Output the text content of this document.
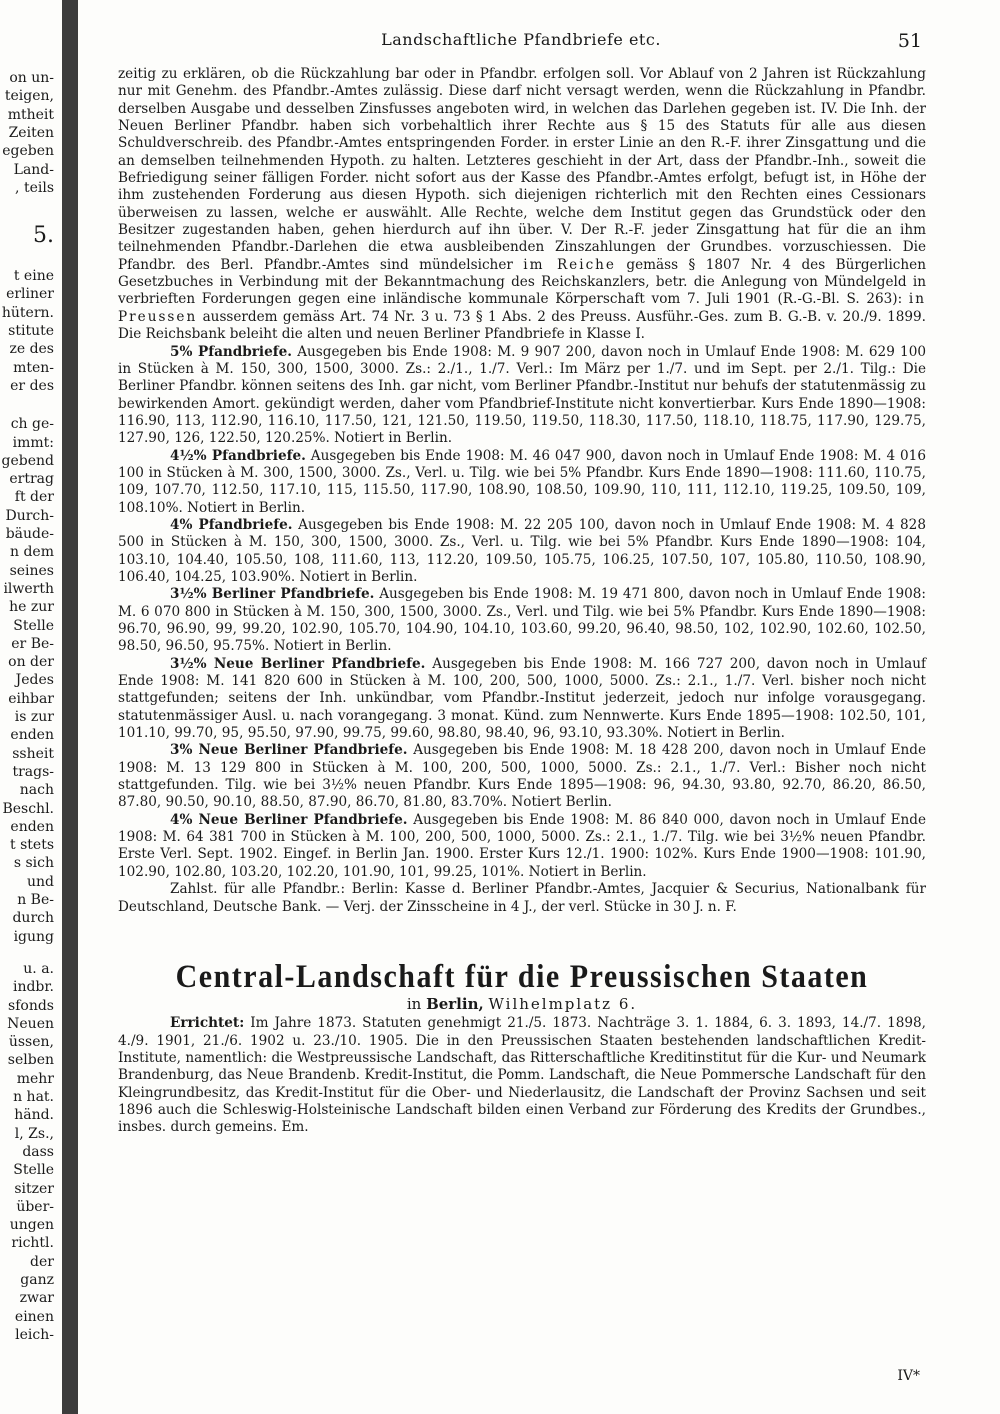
on un-
teigen,
mtheit
Zeiten
egeben
Land-
, teils
5.
t eine
erliner
hütern.
stitute
ze des
mten-
er des
ch ge-
immt:
gebend
ertrag
ft der
Durch-
bäude-
n dem
seines
ilwerth
he zur
Stelle
er Be-
on der
Jedes
eihbar
is zur
enden
ssheit
trags-
nach
Beschl.
enden
t stets
s sich
und
n Be-
durch
igung
u. a.
indbr.
sfonds
Neuen
üssen,
selben
mehr
n hat.
händ.
l, Zs.,
dass
Stelle
sitzer
über-
ungen
richtl.
der
ganz
zwar
einen
leich-
Landschaftliche Pfandbriefe etc.	51

zeitig zu erklären, ob die Rückzahlung bar oder in Pfandbr. erfolgen soll. Vor Ablauf von 2 Jahren ist Rückzahlung nur mit Genehm. des Pfandbr.-Amtes zulässig. Diese darf nicht versagt werden, wenn die Rückzahlung in Pfandbr. derselben Ausgabe und desselben Zinsfusses angeboten wird, in welchen das Darlehen gegeben ist. IV. Die Inh. der Neuen Berliner Pfandbr. haben sich vorbehaltlich ihrer Rechte aus § 15 des Statuts für alle aus diesen Schuldverschreib. des Pfandbr.-Amtes entspringenden Forder. in erster Linie an den R.-F. ihrer Zinsgattung und die an demselben teilnehmenden Hypoth. zu halten. Letzteres geschieht in der Art, dass der Pfandbr.-Inh., soweit die Befriedigung seiner fälligen Forder. nicht sofort aus der Kasse des Pfandbr.-Amtes erfolgt, befugt ist, in Höhe der ihm zustehenden Forderung aus diesen Hypoth. sich diejenigen richterlich mit den Rechten eines Cessionars überweisen zu lassen, welche er auswählt. Alle Rechte, welche dem Institut gegen das Grundstück oder den Besitzer zugestanden haben, gehen hierdurch auf ihn über. V. Der R.-F. jeder Zinsgattung hat für die an ihm teilnehmenden Pfandbr.-Darlehen die etwa ausbleibenden Zinszahlungen der Grundbes. vorzuschiessen. Die Pfandbr. des Berl. Pfandbr.-Amtes sind mündelsicher im Reiche gemäss § 1807 Nr. 4 des Bürgerlichen Gesetzbuches in Verbindung mit der Bekanntmachung des Reichskanzlers, betr. die Anlegung von Mündelgeld in verbrieften Forderungen gegen eine inländische kommunale Körperschaft vom 7. Juli 1901 (R.-G.-Bl. S. 263): in Preussen ausserdem gemäss Art. 74 Nr. 3 u. 73 § 1 Abs. 2 des Preuss. Ausführ.-Ges. zum B. G.-B. v. 20./9. 1899. Die Reichsbank beleiht die alten und neuen Berliner Pfandbriefe in Klasse I.

5% Pfandbriefe. Ausgegeben bis Ende 1908: M. 9 907 200, davon noch in Umlauf Ende 1908: M. 629 100 in Stücken à M. 150, 300, 1500, 3000. Zs.: 2./1., 1./7. Verl.: Im März per 1./7. und im Sept. per 2./1. Tilg.: Die Berliner Pfandbr. können seitens des Inh. gar nicht, vom Berliner Pfandbr.-Institut nur behufs der statutenmässig zu bewirkenden Amort. gekündigt werden, daher vom Pfandbrief-Institute nicht konvertierbar. Kurs Ende 1890—1908: 116.90, 113, 112.90, 116.10, 117.50, 121, 121.50, 119.50, 119.50, 118.30, 117.50, 118.10, 118.75, 117.90, 129.75, 127.90, 126, 122.50, 120.25%. Notiert in Berlin.

4½% Pfandbriefe. Ausgegeben bis Ende 1908: M. 46 047 900, davon noch in Umlauf Ende 1908: M. 4 016 100 in Stücken à M. 300, 1500, 3000. Zs., Verl. u. Tilg. wie bei 5% Pfandbr. Kurs Ende 1890—1908: 111.60, 110.75, 109, 107.70, 112.50, 117.10, 115, 115.50, 117.90, 108.90, 108.50, 109.90, 110, 111, 112.10, 119.25, 109.50, 109, 108.10%. Notiert in Berlin.

4% Pfandbriefe. Ausgegeben bis Ende 1908: M. 22 205 100, davon noch in Umlauf Ende 1908: M. 4 828 500 in Stücken à M. 150, 300, 1500, 3000. Zs., Verl. u. Tilg. wie bei 5% Pfandbr. Kurs Ende 1890—1908: 104, 103.10, 104.40, 105.50, 108, 111.60, 113, 112.20, 109.50, 105.75, 106.25, 107.50, 107, 105.80, 110.50, 108.90, 106.40, 104.25, 103.90%. Notiert in Berlin.

3½% Berliner Pfandbriefe. Ausgegeben bis Ende 1908: M. 19 471 800, davon noch in Umlauf Ende 1908: M. 6 070 800 in Stücken à M. 150, 300, 1500, 3000. Zs., Verl. und Tilg. wie bei 5% Pfandbr. Kurs Ende 1890—1908: 96.70, 96.90, 99, 99.20, 102.90, 105.70, 104.90, 104.10, 103.60, 99.20, 96.40, 98.50, 102, 102.90, 102.60, 102.50, 98.50, 96.50, 95.75%. Notiert in Berlin.

3½% Neue Berliner Pfandbriefe. Ausgegeben bis Ende 1908: M. 166 727 200, davon noch in Umlauf Ende 1908: M. 141 820 600 in Stücken à M. 100, 200, 500, 1000, 5000. Zs.: 2.1., 1./7. Verl. bisher noch nicht stattgefunden; seitens der Inh. unkündbar, vom Pfandbr.-Institut jederzeit, jedoch nur infolge vorausgegang. statutenmässiger Ausl. u. nach vorangegang. 3 monat. Künd. zum Nennwerte. Kurs Ende 1895—1908: 102.50, 101, 101.10, 99.70, 95, 95.50, 97.90, 99.75, 99.60, 98.80, 98.40, 96, 93.10, 93.30%. Notiert in Berlin.

3% Neue Berliner Pfandbriefe. Ausgegeben bis Ende 1908: M. 18 428 200, davon noch in Umlauf Ende 1908: M. 13 129 800 in Stücken à M. 100, 200, 500, 1000, 5000. Zs.: 2.1., 1./7. Verl.: Bisher noch nicht stattgefunden. Tilg. wie bei 3½% neuen Pfandbr. Kurs Ende 1895—1908: 96, 94.30, 93.80, 92.70, 86.20, 86.50, 87.80, 90.50, 90.10, 88.50, 87.90, 86.70, 81.80, 83.70%. Notiert Berlin.

4% Neue Berliner Pfandbriefe. Ausgegeben bis Ende 1908: M. 86 840 000, davon noch in Umlauf Ende 1908: M. 64 381 700 in Stücken à M. 100, 200, 500, 1000, 5000. Zs.: 2.1., 1./7. Tilg. wie bei 3½% neuen Pfandbr. Erste Verl. Sept. 1902. Eingef. in Berlin Jan. 1900. Erster Kurs 12./1. 1900: 102%. Kurs Ende 1900—1908: 101.90, 102.90, 102.80, 103.20, 102.20, 101.90, 101, 99.25, 101%. Notiert in Berlin.

Zahlst. für alle Pfandbr.: Berlin: Kasse d. Berliner Pfandbr.-Amtes, Jacquier & Securius, Nationalbank für Deutschland, Deutsche Bank. — Verj. der Zinsscheine in 4 J., der verl. Stücke in 30 J. n. F.

Central-Landschaft für die Preussischen Staaten
in Berlin, Wilhelmplatz 6.

Errichtet: Im Jahre 1873. Statuten genehmigt 21./5. 1873. Nachträge 3. 1. 1884, 6. 3. 1893, 14./7. 1898, 4./9. 1901, 21./6. 1902 u. 23./10. 1905. Die in den Preussischen Staaten bestehenden landschaftlichen Kredit-Institute, namentlich: die Westpreussische Landschaft, das Ritterschaftliche Kreditinstitut für die Kur- und Neumark Brandenburg, das Neue Brandenb. Kredit-Institut, die Pomm. Landschaft, die Neue Pommersche Landschaft für den Kleingrundbesitz, das Kredit-Institut für die Ober- und Niederlausitz, die Landschaft der Provinz Sachsen und seit 1896 auch die Schleswig-Holsteinische Landschaft bilden einen Verband zur Förderung des Kredits der Grundbes., insbes. durch gemeins. Em.

IV*
